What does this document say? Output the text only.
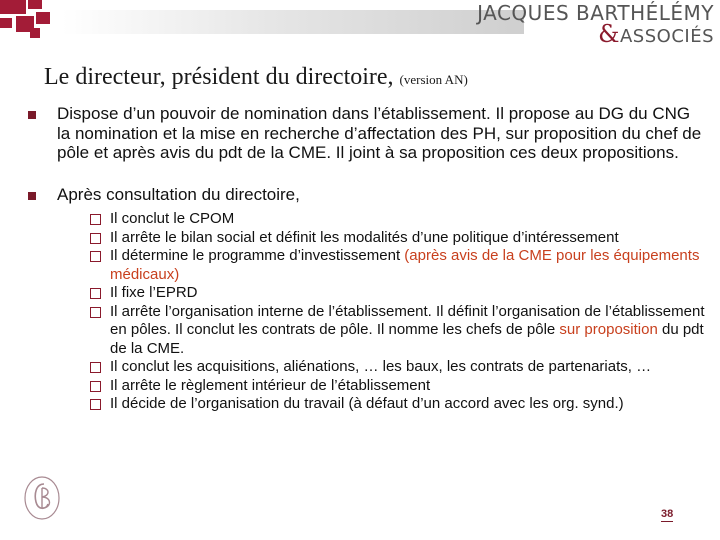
JACQUES BARTHÉLÉMY
&ASSOCIÉS
Le directeur, président du directoire, (version AN)
Dispose d’un pouvoir de nomination dans l’établissement. Il propose au DG du CNG la nomination et la mise en recherche d’affectation des PH, sur proposition du chef de pôle et après avis du pdt de la CME. Il joint à sa proposition ces deux propositions.
Après consultation du directoire,
Il conclut le CPOM
Il arrête le bilan social et définit les modalités d’une politique d’intéressement
Il détermine le programme d’investissement (après avis de la CME pour les équipements médicaux)
Il fixe l’EPRD
Il arrête l’organisation interne de l’établissement. Il définit l’organisation de l’établissement en pôles. Il conclut les contrats de pôle. Il nomme les chefs de pôle sur proposition du pdt de la CME.
Il conclut les acquisitions, aliénations, … les baux, les contrats de partenariats, …
Il arrête le règlement intérieur de l’établissement
Il décide de l’organisation du travail (à défaut d’un accord avec les org. synd.)
38
